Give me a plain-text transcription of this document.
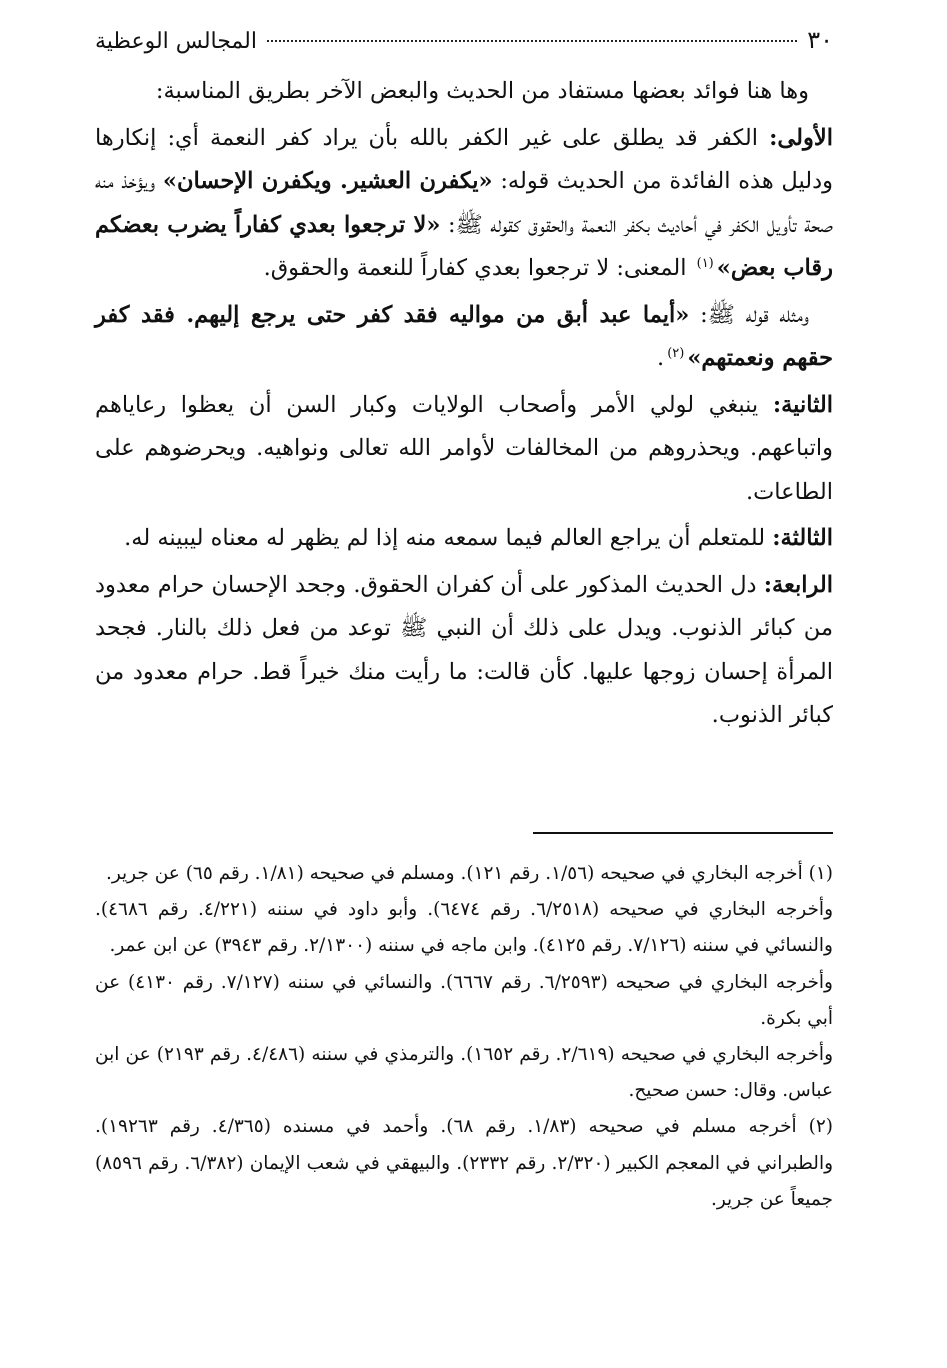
٣٠
المجالس الوعظية

وها هنا فوائد بعضها مستفاد من الحديث والبعض الآخر بطريق المناسبة:

الأولى: الكفر قد يطلق على غير الكفر بالله بأن يراد كفر النعمة أي: إنكارها ودليل هذه الفائدة من الحديث قوله: «يكفرن العشير. ويكفرن الإحسان» ويؤخذ منه صحة تأويل الكفر في أحاديث بكفر النعمة والحقوق كقوله ﷺ: «لا ترجعوا بعدي كفاراً يضرب بعضكم رقاب بعض»$^{(١)}$ المعنى: لا ترجعوا بعدي كفاراً للنعمة والحقوق.

ومثله قوله ﷺ: «أيما عبد أبق من مواليه فقد كفر حتى يرجع إليهم. فقد كفر حقهم ونعمتهم»$^{(٢)}$.

الثانية: ينبغي لولي الأمر وأصحاب الولايات وكبار السن أن يعظوا رعاياهم واتباعهم. ويحذروهم من المخالفات لأوامر الله تعالى ونواهيه. ويحرضوهم على الطاعات.

الثالثة: للمتعلم أن يراجع العالم فيما سمعه منه إذا لم يظهر له معناه ليبينه له.

الرابعة: دل الحديث المذكور على أن كفران الحقوق. وجحد الإحسان حرام معدود من كبائر الذنوب. ويدل على ذلك أن النبي ﷺ توعد من فعل ذلك بالنار. فجحد المرأة إحسان زوجها عليها. كأن قالت: ما رأيت منك خيراً قط. حرام معدود من كبائر الذنوب.

(١) أخرجه البخاري في صحيحه (١/٥٦. رقم ١٢١). ومسلم في صحيحه (١/٨١. رقم ٦٥) عن جرير.

وأخرجه البخاري في صحيحه (٦/٢٥١٨. رقم ٦٤٧٤). وأبو داود في سننه (٤/٢٢١. رقم ٤٦٨٦). والنسائي في سننه (٧/١٢٦. رقم ٤١٢٥). وابن ماجه في سننه (٢/١٣٠٠. رقم ٣٩٤٣) عن ابن عمر.

وأخرجه البخاري في صحيحه (٦/٢٥٩٣. رقم ٦٦٦٧). والنسائي في سننه (٧/١٢٧. رقم ٤١٣٠) عن أبي بكرة.

وأخرجه البخاري في صحيحه (٢/٦١٩. رقم ١٦٥٢). والترمذي في سننه (٤/٤٨٦. رقم ٢١٩٣) عن ابن عباس. وقال: حسن صحيح.

(٢) أخرجه مسلم في صحيحه (١/٨٣. رقم ٦٨). وأحمد في مسنده (٤/٣٦٥. رقم ١٩٢٦٣). والطبراني في المعجم الكبير (٢/٣٢٠. رقم ٢٣٣٢). والبيهقي في شعب الإيمان (٦/٣٨٢. رقم ٨٥٩٦) جميعاً عن جرير.
